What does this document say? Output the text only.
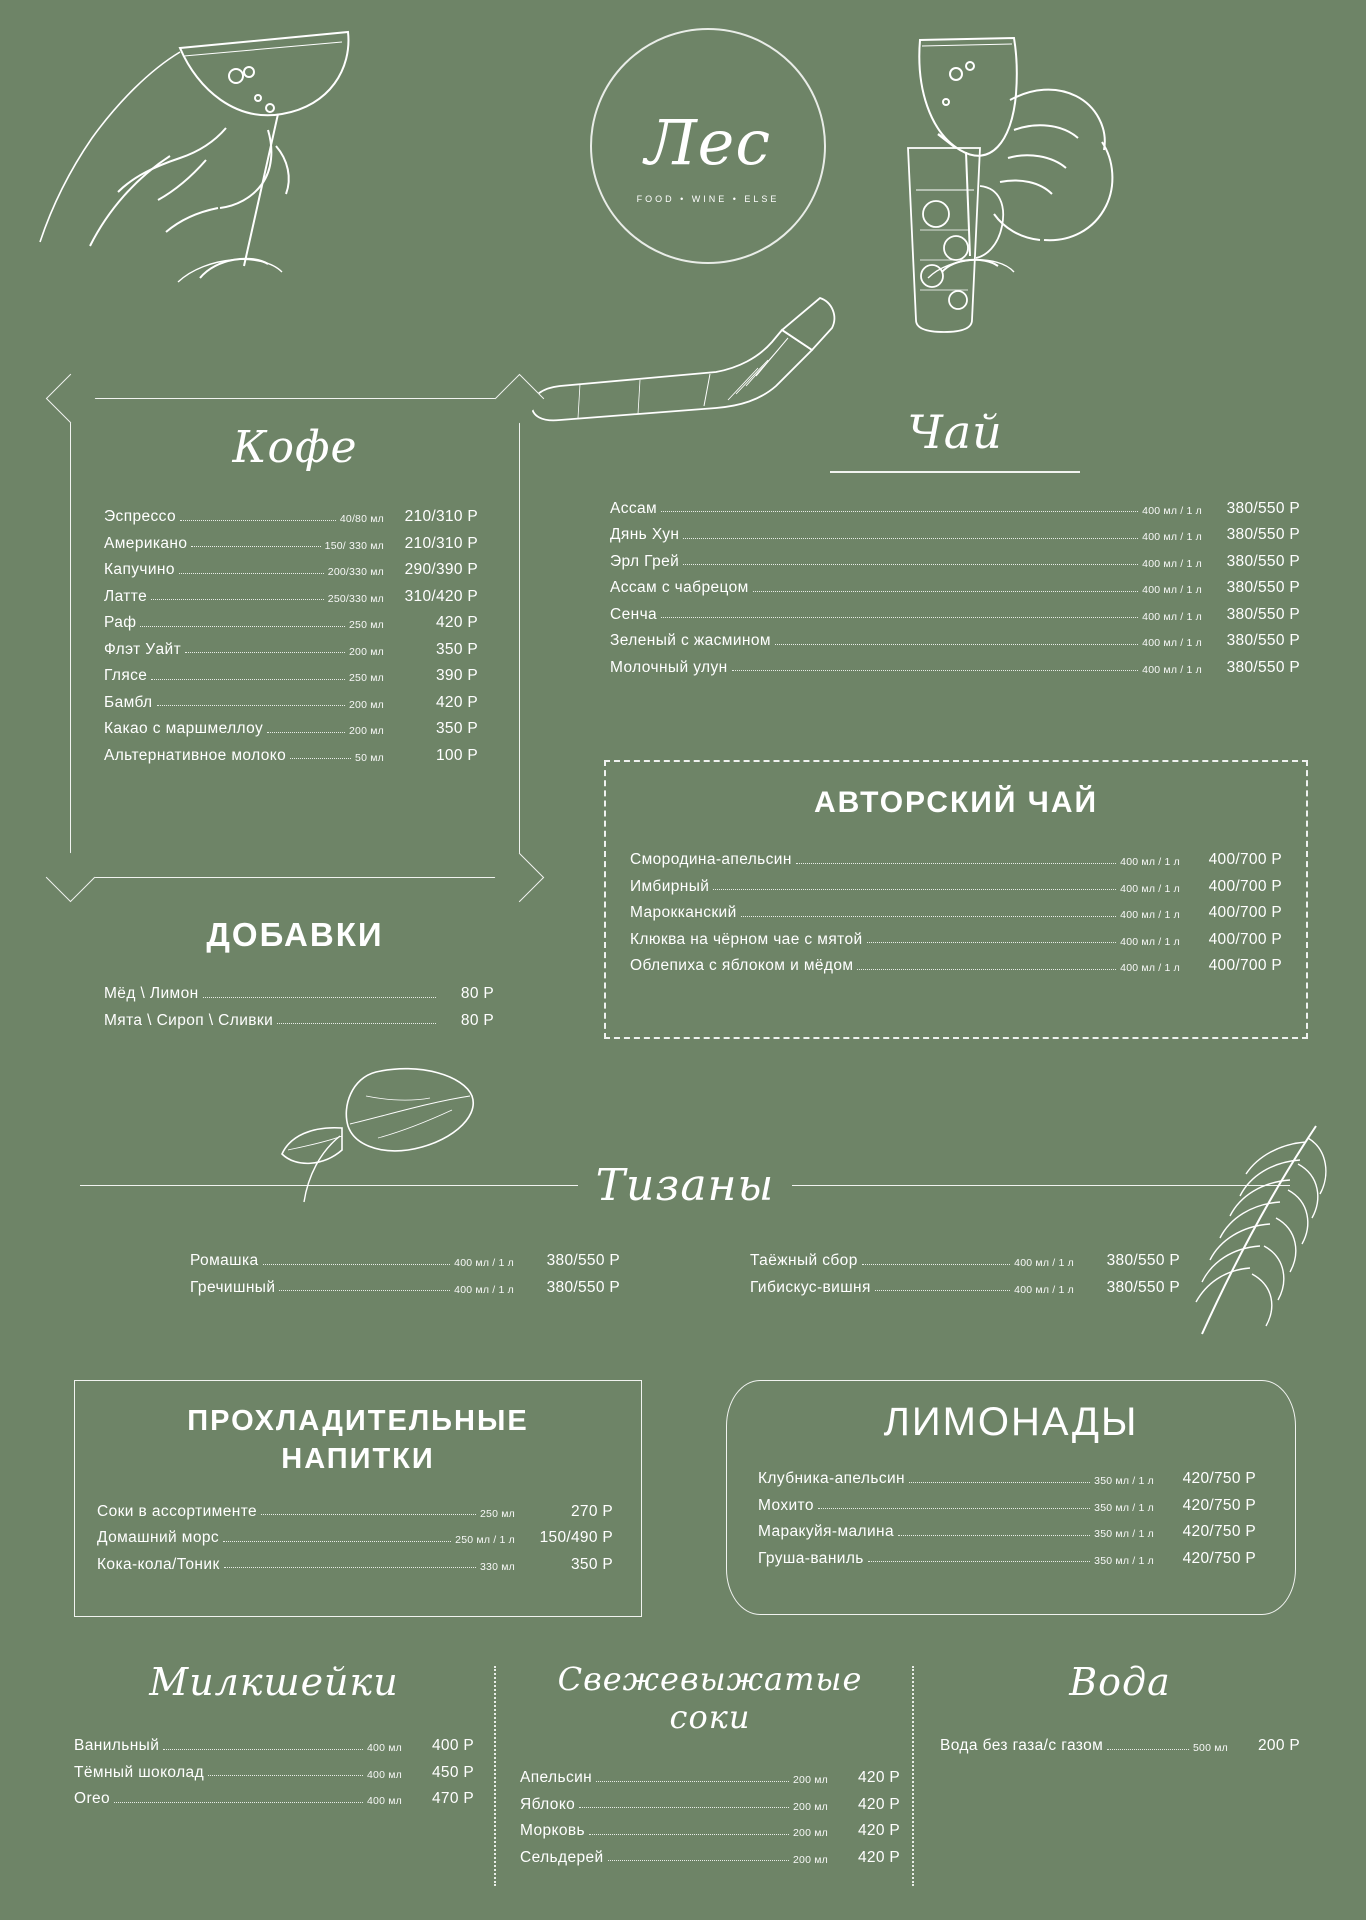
Лес
FOOD • WINE • ELSE
Кофе
Эспрессо	40/80 мл	210/310 Р
Американо	150/ 330 мл	210/310 Р
Капучино	200/330 мл	290/390 Р
Латте	250/330 мл	310/420 Р
Раф	250 мл	420 Р
Флэт Уайт	200 мл	350 Р
Глясе	250 мл	390 Р
Бамбл	200 мл	420 Р
Какао с маршмеллоу	200 мл	350 Р
Альтернативное молоко	50 мл	100 Р
ДОБАВКИ
Мёд \ Лимон	80 Р
Мята \ Сироп \ Сливки	80 Р
Чай
Ассам	400 мл / 1 л	380/550 Р
Дянь Хун	400 мл / 1 л	380/550 Р
Эрл Грей	400 мл / 1 л	380/550 Р
Ассам с чабрецом	400 мл / 1 л	380/550 Р
Сенча	400 мл / 1 л	380/550 Р
Зеленый с жасмином	400 мл / 1 л	380/550 Р
Молочный улун	400 мл / 1 л	380/550 Р
АВТОРСКИЙ ЧАЙ
Смородина-апельсин	400 мл / 1 л	400/700 Р
Имбирный	400 мл / 1 л	400/700 Р
Марокканский	400 мл / 1 л	400/700 Р
Клюква на чёрном чае с мятой	400 мл / 1 л	400/700 Р
Облепиха с яблоком и мёдом	400 мл / 1 л	400/700 Р
Тизаны
Ромашка	400 мл / 1 л	380/550 Р
Гречишный	400 мл / 1 л	380/550 Р
Таёжный сбор	400 мл / 1 л	380/550 Р
Гибискус-вишня	400 мл / 1 л	380/550 Р
ПРОХЛАДИТЕЛЬНЫЕ
НАПИТКИ
Соки в ассортименте	250 мл	270 Р
Домашний морс	250 мл / 1 л	150/490 Р
Кока-кола/Тоник	330 мл	350 Р
ЛИМОНАДЫ
Клубника-апельсин	350 мл / 1 л	420/750 Р
Мохито	350 мл / 1 л	420/750 Р
Маракуйя-малина	350 мл / 1 л	420/750 Р
Груша-ваниль	350 мл / 1 л	420/750 Р
Милкшейки
Ванильный	400 мл	400 Р
Тёмный шоколад	400 мл	450 Р
Oreo	400 мл	470 Р
Свежевыжатые соки
Апельсин	200 мл	420 Р
Яблоко	200 мл	420 Р
Морковь	200 мл	420 Р
Сельдерей	200 мл	420 Р
Вода
Вода без газа/с газом	500 мл	200 Р
